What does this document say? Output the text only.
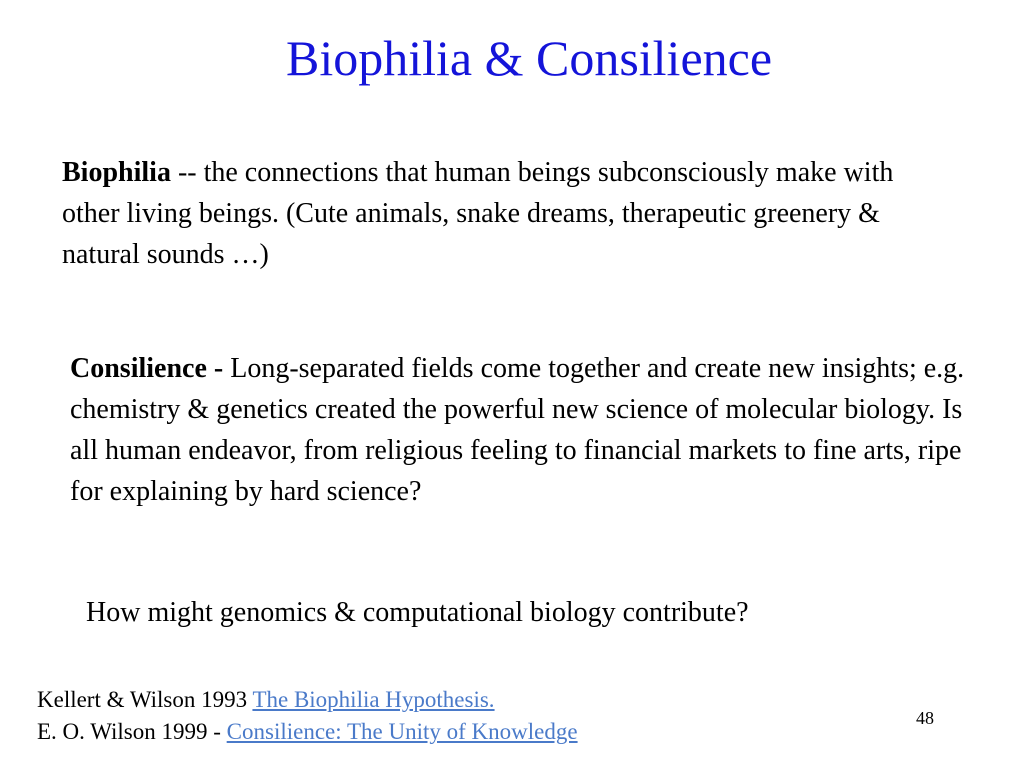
Biophilia & Consilience

Biophilia -- the connections that human beings subconsciously make with other living beings. (Cute animals, snake dreams, therapeutic greenery & natural sounds …)

Consilience - Long-separated fields come together and create new insights; e.g. chemistry & genetics created the powerful new science of molecular biology. Is all human endeavor, from religious feeling to financial markets to fine arts, ripe for explaining by hard science?

How might genomics & computational biology contribute?

Kellert & Wilson 1993 The Biophilia Hypothesis.
E. O. Wilson 1999 - Consilience: The Unity of Knowledge
48
